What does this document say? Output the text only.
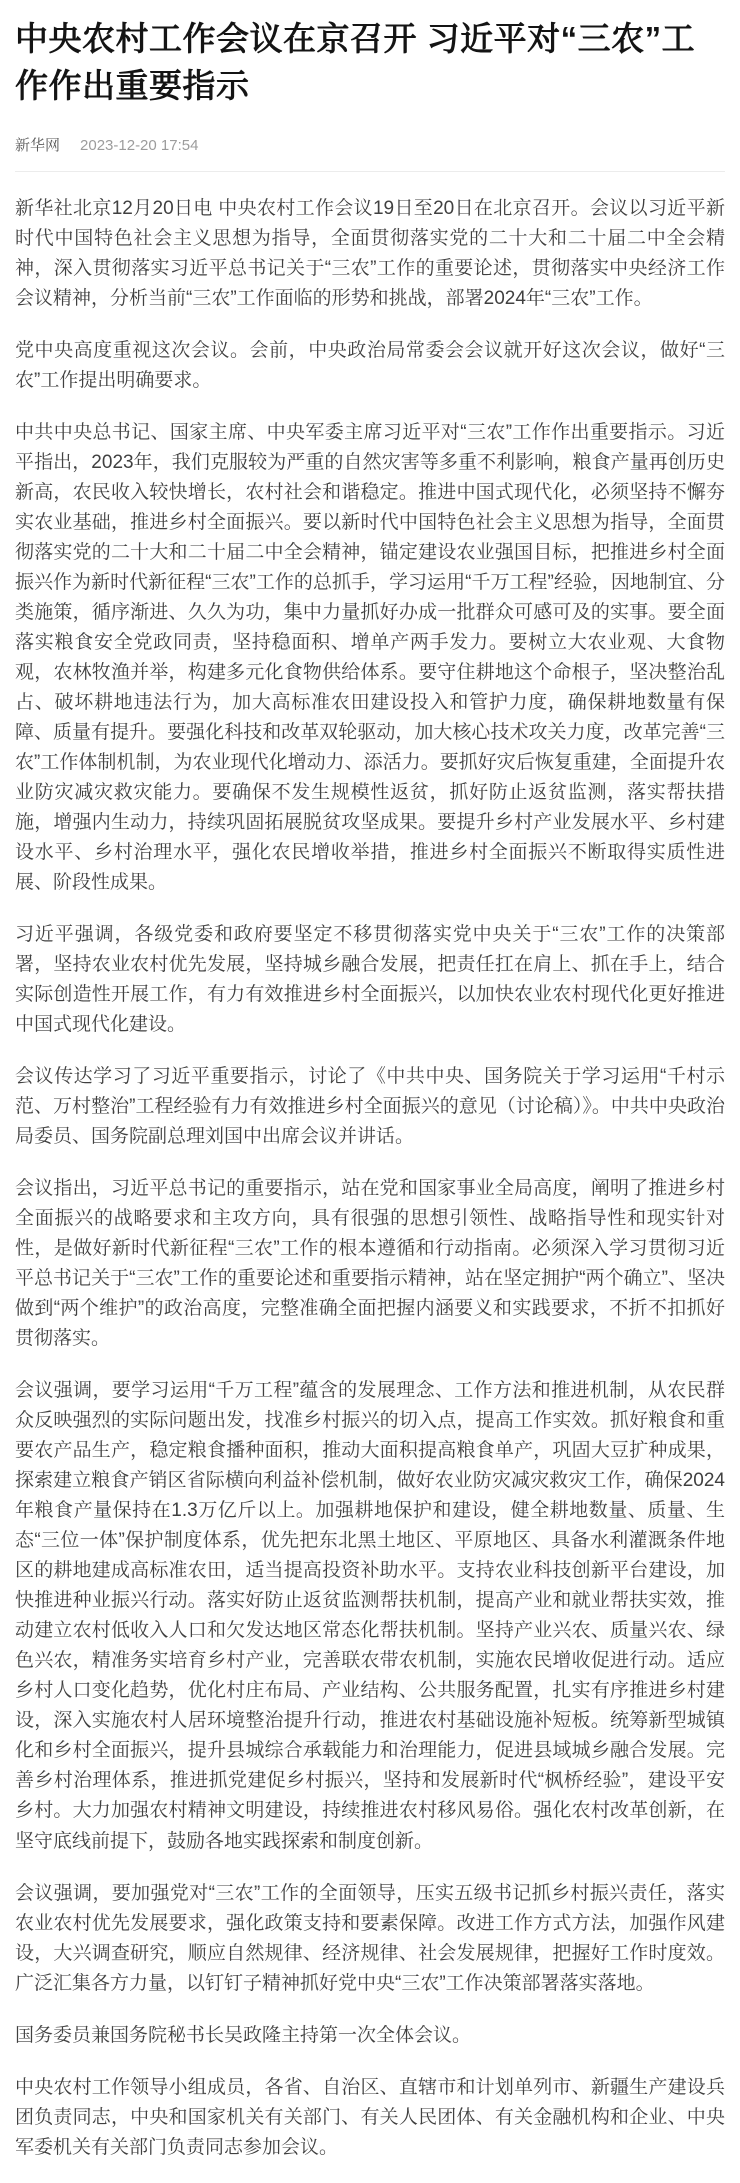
中央农村工作会议在京召开 习近平对“三农”工作作出重要指示
新华网 2023-12-20 17:54

新华社北京12月20日电 中央农村工作会议19日至20日在北京召开。会议以习近平新时代中国特色社会主义思想为指导，全面贯彻落实党的二十大和二十届二中全会精神，深入贯彻落实习近平总书记关于“三农”工作的重要论述，贯彻落实中央经济工作会议精神，分析当前“三农”工作面临的形势和挑战，部署2024年“三农”工作。

党中央高度重视这次会议。会前，中央政治局常委会会议就开好这次会议，做好“三农”工作提出明确要求。

中共中央总书记、国家主席、中央军委主席习近平对“三农”工作作出重要指示。习近平指出，2023年，我们克服较为严重的自然灾害等多重不利影响，粮食产量再创历史新高，农民收入较快增长，农村社会和谐稳定。推进中国式现代化，必须坚持不懈夯实农业基础，推进乡村全面振兴。要以新时代中国特色社会主义思想为指导，全面贯彻落实党的二十大和二十届二中全会精神，锚定建设农业强国目标，把推进乡村全面振兴作为新时代新征程“三农”工作的总抓手，学习运用“千万工程”经验，因地制宜、分类施策，循序渐进、久久为功，集中力量抓好办成一批群众可感可及的实事。要全面落实粮食安全党政同责，坚持稳面积、增单产两手发力。要树立大农业观、大食物观，农林牧渔并举，构建多元化食物供给体系。要守住耕地这个命根子，坚决整治乱占、破坏耕地违法行为，加大高标准农田建设投入和管护力度，确保耕地数量有保障、质量有提升。要强化科技和改革双轮驱动，加大核心技术攻关力度，改革完善“三农”工作体制机制，为农业现代化增动力、添活力。要抓好灾后恢复重建，全面提升农业防灾减灾救灾能力。要确保不发生规模性返贫，抓好防止返贫监测，落实帮扶措施，增强内生动力，持续巩固拓展脱贫攻坚成果。要提升乡村产业发展水平、乡村建设水平、乡村治理水平，强化农民增收举措，推进乡村全面振兴不断取得实质性进展、阶段性成果。

习近平强调，各级党委和政府要坚定不移贯彻落实党中央关于“三农”工作的决策部署，坚持农业农村优先发展，坚持城乡融合发展，把责任扛在肩上、抓在手上，结合实际创造性开展工作，有力有效推进乡村全面振兴，以加快农业农村现代化更好推进中国式现代化建设。

会议传达学习了习近平重要指示，讨论了《中共中央、国务院关于学习运用“千村示范、万村整治”工程经验有力有效推进乡村全面振兴的意见（讨论稿）》。中共中央政治局委员、国务院副总理刘国中出席会议并讲话。

会议指出，习近平总书记的重要指示，站在党和国家事业全局高度，阐明了推进乡村全面振兴的战略要求和主攻方向，具有很强的思想引领性、战略指导性和现实针对性，是做好新时代新征程“三农”工作的根本遵循和行动指南。必须深入学习贯彻习近平总书记关于“三农”工作的重要论述和重要指示精神，站在坚定拥护“两个确立”、坚决做到“两个维护”的政治高度，完整准确全面把握内涵要义和实践要求，不折不扣抓好贯彻落实。

会议强调，要学习运用“千万工程”蕴含的发展理念、工作方法和推进机制，从农民群众反映强烈的实际问题出发，找准乡村振兴的切入点，提高工作实效。抓好粮食和重要农产品生产，稳定粮食播种面积，推动大面积提高粮食单产，巩固大豆扩种成果，探索建立粮食产销区省际横向利益补偿机制，做好农业防灾减灾救灾工作，确保2024年粮食产量保持在1.3万亿斤以上。加强耕地保护和建设，健全耕地数量、质量、生态“三位一体”保护制度体系，优先把东北黑土地区、平原地区、具备水利灌溉条件地区的耕地建成高标准农田，适当提高投资补助水平。支持农业科技创新平台建设，加快推进种业振兴行动。落实好防止返贫监测帮扶机制，提高产业和就业帮扶实效，推动建立农村低收入人口和欠发达地区常态化帮扶机制。坚持产业兴农、质量兴农、绿色兴农，精准务实培育乡村产业，完善联农带农机制，实施农民增收促进行动。适应乡村人口变化趋势，优化村庄布局、产业结构、公共服务配置，扎实有序推进乡村建设，深入实施农村人居环境整治提升行动，推进农村基础设施补短板。统筹新型城镇化和乡村全面振兴，提升县城综合承载能力和治理能力，促进县域城乡融合发展。完善乡村治理体系，推进抓党建促乡村振兴，坚持和发展新时代“枫桥经验”，建设平安乡村。大力加强农村精神文明建设，持续推进农村移风易俗。强化农村改革创新，在坚守底线前提下，鼓励各地实践探索和制度创新。

会议强调，要加强党对“三农”工作的全面领导，压实五级书记抓乡村振兴责任，落实农业农村优先发展要求，强化政策支持和要素保障。改进工作方式方法，加强作风建设，大兴调查研究，顺应自然规律、经济规律、社会发展规律，把握好工作时度效。广泛汇集各方力量，以钉钉子精神抓好党中央“三农”工作决策部署落实落地。

国务委员兼国务院秘书长吴政隆主持第一次全体会议。

中央农村工作领导小组成员，各省、自治区、直辖市和计划单列市、新疆生产建设兵团负责同志，中央和国家机关有关部门、有关人民团体、有关金融机构和企业、中央军委机关有关部门负责同志参加会议。
